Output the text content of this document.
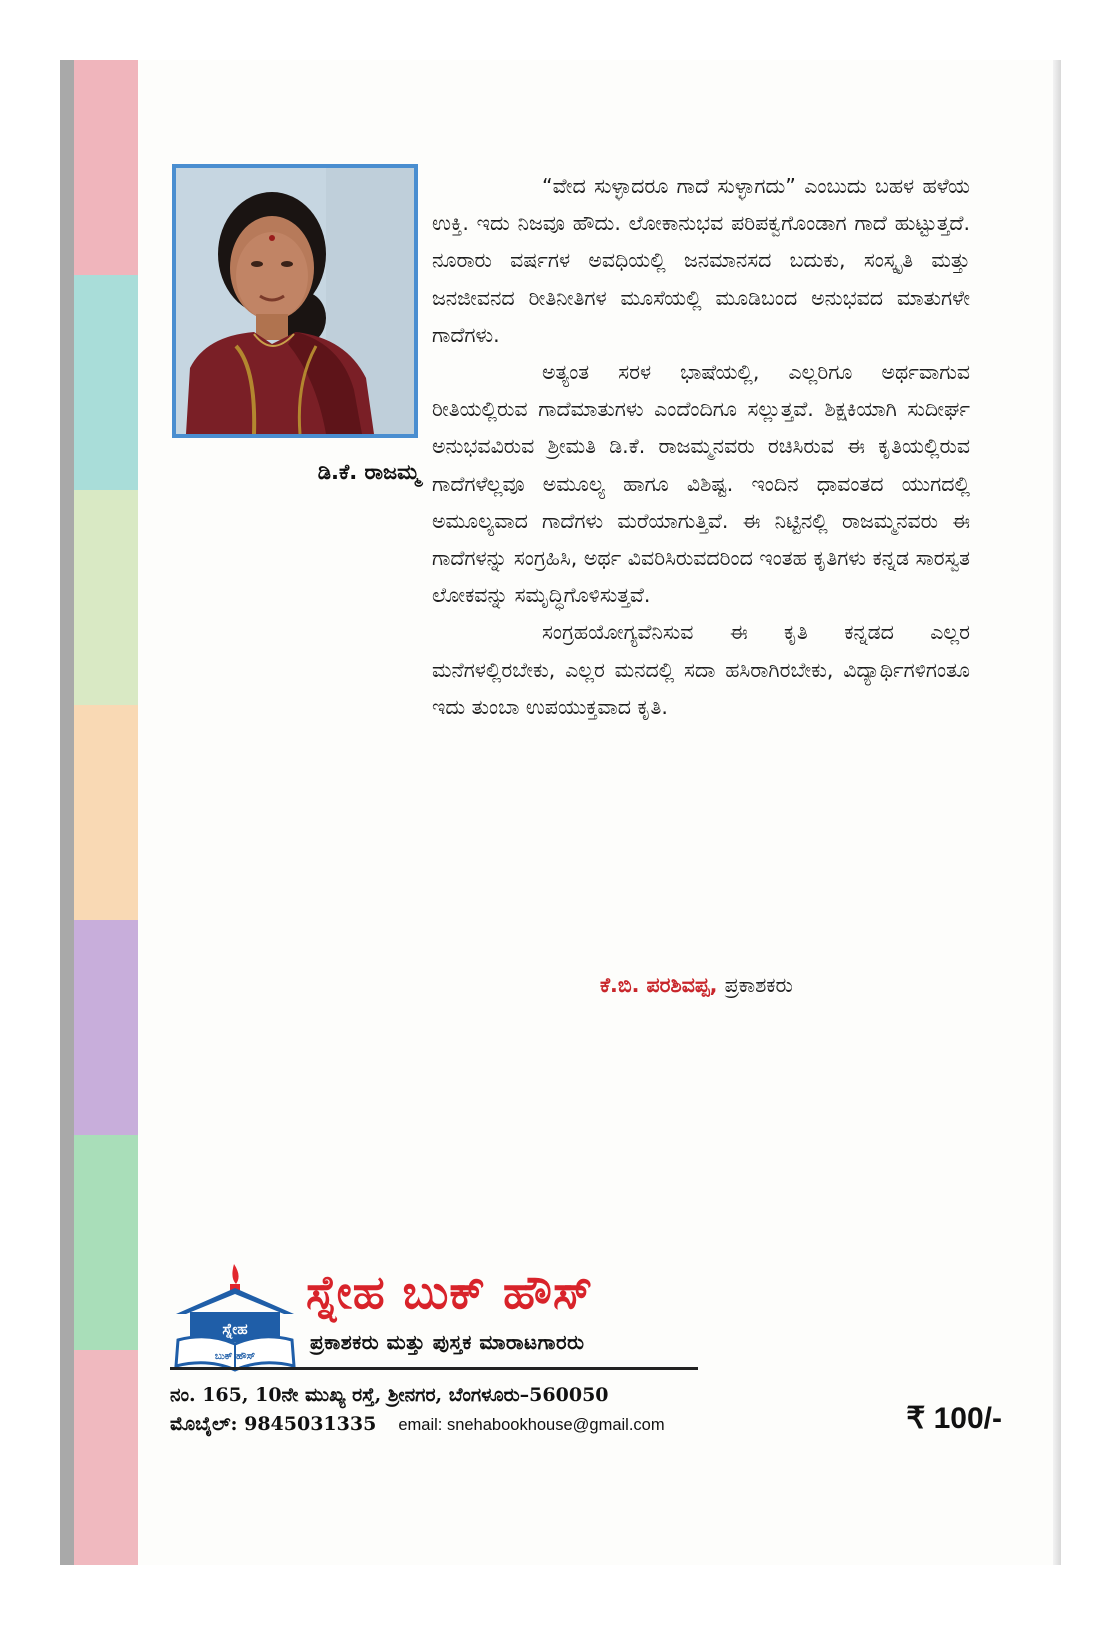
ಡಿ.ಕೆ. ರಾಜಮ್ಮ

“ವೇದ ಸುಳ್ಳಾದರೂ ಗಾದೆ ಸುಳ್ಳಾಗದು” ಎಂಬುದು ಬಹಳ ಹಳೆಯ ಉಕ್ತಿ. ಇದು ನಿಜವೂ ಹೌದು. ಲೋಕಾನುಭವ ಪರಿಪಕ್ವಗೊಂಡಾಗ ಗಾದೆ ಹುಟ್ಟುತ್ತದೆ. ನೂರಾರು ವರ್ಷಗಳ ಅವಧಿಯಲ್ಲಿ ಜನಮಾನಸದ ಬದುಕು, ಸಂಸ್ಕೃತಿ ಮತ್ತು ಜನಜೀವನದ ರೀತಿನೀತಿಗಳ ಮೂಸೆಯಲ್ಲಿ ಮೂಡಿಬಂದ ಅನುಭವದ ಮಾತುಗಳೇ ಗಾದೆಗಳು.

ಅತ್ಯಂತ ಸರಳ ಭಾಷೆಯಲ್ಲಿ, ಎಲ್ಲರಿಗೂ ಅರ್ಥವಾಗುವ ರೀತಿಯಲ್ಲಿರುವ ಗಾದೆಮಾತುಗಳು ಎಂದೆಂದಿಗೂ ಸಲ್ಲುತ್ತವೆ. ಶಿಕ್ಷಕಿಯಾಗಿ ಸುದೀರ್ಘ ಅನುಭವವಿರುವ ಶ್ರೀಮತಿ ಡಿ.ಕೆ. ರಾಜಮ್ಮನವರು ರಚಿಸಿರುವ ಈ ಕೃತಿಯಲ್ಲಿರುವ ಗಾದೆಗಳೆಲ್ಲವೂ ಅಮೂಲ್ಯ ಹಾಗೂ ವಿಶಿಷ್ಟ. ಇಂದಿನ ಧಾವಂತದ ಯುಗದಲ್ಲಿ ಅಮೂಲ್ಯವಾದ ಗಾದೆಗಳು ಮರೆಯಾಗುತ್ತಿವೆ. ಈ ನಿಟ್ಟಿನಲ್ಲಿ ರಾಜಮ್ಮನವರು ಈ ಗಾದೆಗಳನ್ನು ಸಂಗ್ರಹಿಸಿ, ಅರ್ಥ ವಿವರಿಸಿರುವದರಿಂದ ಇಂತಹ ಕೃತಿಗಳು ಕನ್ನಡ ಸಾರಸ್ವತ ಲೋಕವನ್ನು ಸಮೃದ್ಧಿಗೊಳಿಸುತ್ತವೆ.

ಸಂಗ್ರಹಯೋಗ್ಯವೆನಿಸುವ ಈ ಕೃತಿ ಕನ್ನಡದ ಎಲ್ಲರ ಮನೆಗಳಲ್ಲಿರಬೇಕು, ಎಲ್ಲರ ಮನದಲ್ಲಿ ಸದಾ ಹಸಿರಾಗಿರಬೇಕು, ವಿದ್ಯಾರ್ಥಿಗಳಿಗಂತೂ ಇದು ತುಂಬಾ ಉಪಯುಕ್ತವಾದ ಕೃತಿ.

ಕೆ.ಬಿ. ಪರಶಿವಪ್ಪ, ಪ್ರಕಾಶಕರು
ಸ್ನೇಹ
ಬುಕ್ ಹೌಸ್
ಸ್ನೇಹ ಬುಕ್ ಹೌಸ್
ಪ್ರಕಾಶಕರು ಮತ್ತು ಪುಸ್ತಕ ಮಾರಾಟಗಾರರು
ನಂ. 165, 10ನೇ ಮುಖ್ಯ ರಸ್ತೆ, ಶ್ರೀನಗರ, ಬೆಂಗಳೂರು–560050
ಮೊಬೈಲ್: 9845031335 email: snehabookhouse@gmail.com	₹ 100/-
